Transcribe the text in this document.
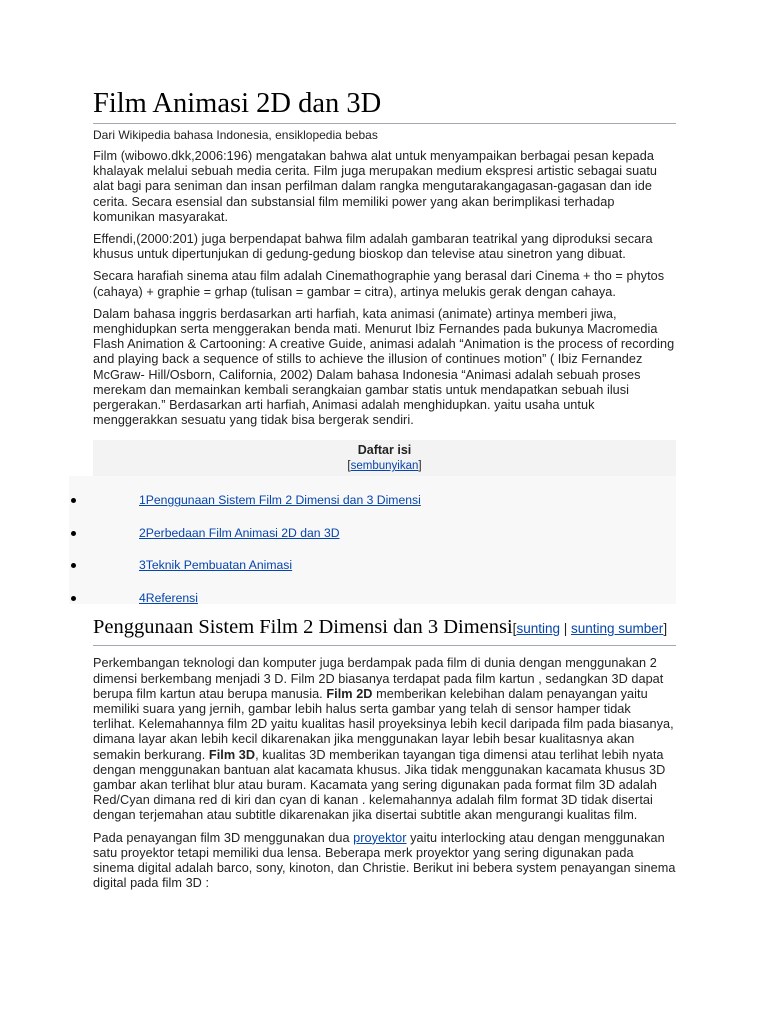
Film Animasi 2D dan 3D
Dari Wikipedia bahasa Indonesia, ensiklopedia bebas

Film (wibowo.dkk,2006:196) mengatakan bahwa alat untuk menyampaikan berbagai pesan kepada khalayak melalui sebuah media cerita. Film juga merupakan medium ekspresi artistic sebagai suatu alat bagi para seniman dan insan perfilman dalam rangka mengutarakangagasan-gagasan dan ide cerita. Secara esensial dan substansial film memiliki power yang akan berimplikasi terhadap komunikan masyarakat.

Effendi,(2000:201) juga berpendapat bahwa film adalah gambaran teatrikal yang diproduksi secara khusus untuk dipertunjukan di gedung-gedung bioskop dan televise atau sinetron yang dibuat.

Secara harafiah sinema atau film adalah Cinemathographie yang berasal dari Cinema + tho = phytos (cahaya) + graphie = grhap (tulisan = gambar = citra), artinya melukis gerak dengan cahaya.

Dalam bahasa inggris berdasarkan arti harfiah, kata animasi (animate) artinya memberi jiwa, menghidupkan serta menggerakan benda mati. Menurut Ibiz Fernandes pada bukunya Macromedia Flash Animation & Cartooning: A creative Guide, animasi adalah “Animation is the process of recording and playing back a sequence of stills to achieve the illusion of continues motion” ( Ibiz Fernandez McGraw- Hill/Osborn, California, 2002) Dalam bahasa Indonesia “Animasi adalah sebuah proses merekam dan memainkan kembali serangkaian gambar statis untuk mendapatkan sebuah ilusi pergerakan.” Berdasarkan arti harfiah, Animasi adalah menghidupkan. yaitu usaha untuk menggerakkan sesuatu yang tidak bisa bergerak sendiri.

Daftar isi
[sembunyikan]
1Penggunaan Sistem Film 2 Dimensi dan 3 Dimensi
2Perbedaan Film Animasi 2D dan 3D
3Teknik Pembuatan Animasi
4Referensi
Penggunaan Sistem Film 2 Dimensi dan 3 Dimensi[sunting | sunting sumber]

Perkembangan teknologi dan komputer juga berdampak pada film di dunia dengan menggunakan 2 dimensi berkembang menjadi 3 D. Film 2D biasanya terdapat pada film kartun , sedangkan 3D dapat berupa film kartun atau berupa manusia. Film 2D memberikan kelebihan dalam penayangan yaitu memiliki suara yang jernih, gambar lebih halus serta gambar yang telah di sensor hamper tidak terlihat. Kelemahannya film 2D yaitu kualitas hasil proyeksinya lebih kecil daripada film pada biasanya, dimana layar akan lebih kecil dikarenakan jika menggunakan layar lebih besar kualitasnya akan semakin berkurang. Film 3D, kualitas 3D memberikan tayangan tiga dimensi atau terlihat lebih nyata dengan menggunakan bantuan alat kacamata khusus. Jika tidak menggunakan kacamata khusus 3D gambar akan terlihat blur atau buram. Kacamata yang sering digunakan pada format film 3D adalah Red/Cyan dimana red di kiri dan cyan di kanan . kelemahannya adalah film format 3D tidak disertai dengan terjemahan atau subtitle dikarenakan jika disertai subtitle akan mengurangi kualitas film.

Pada penayangan film 3D menggunakan dua proyektor yaitu interlocking atau dengan menggunakan satu proyektor tetapi memiliki dua lensa. Beberapa merk proyektor yang sering digunakan pada sinema digital adalah barco, sony, kinoton, dan Christie. Berikut ini bebera system penayangan sinema digital pada film 3D :
